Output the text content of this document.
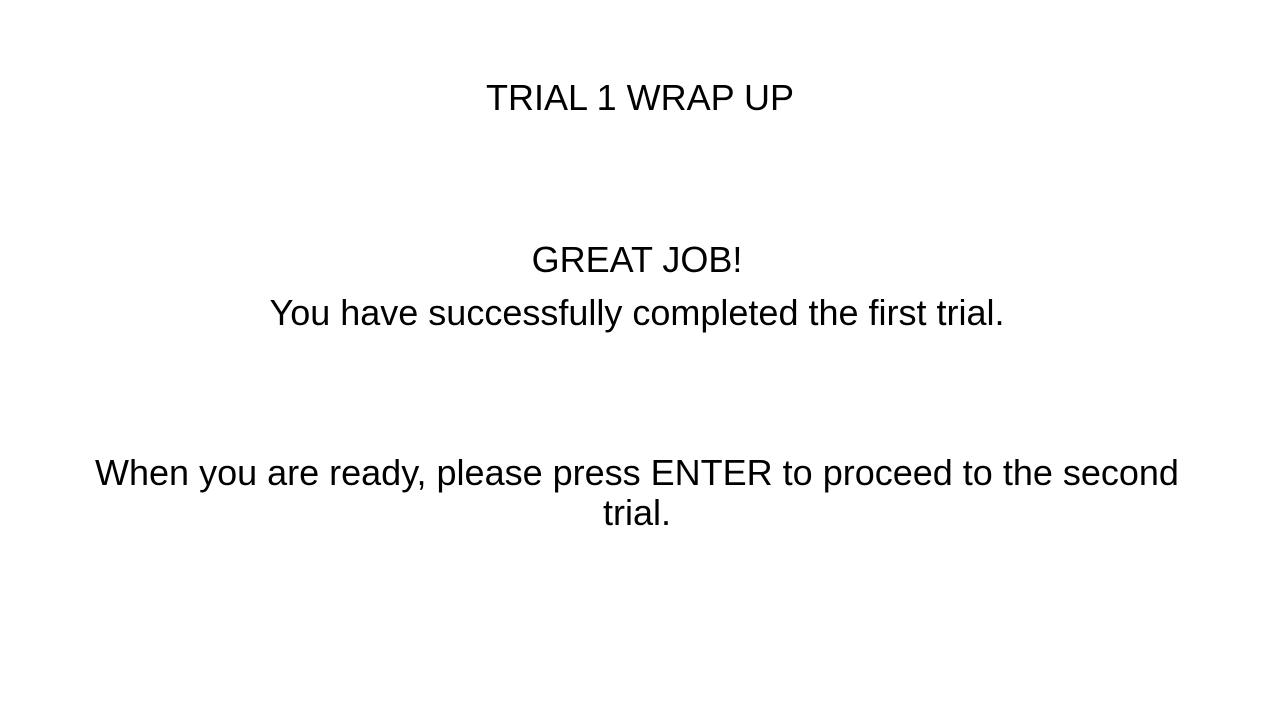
TRIAL 1 WRAP UP
GREAT JOB!
You have successfully completed the first trial.
When you are ready, please press ENTER to proceed to the second trial.
